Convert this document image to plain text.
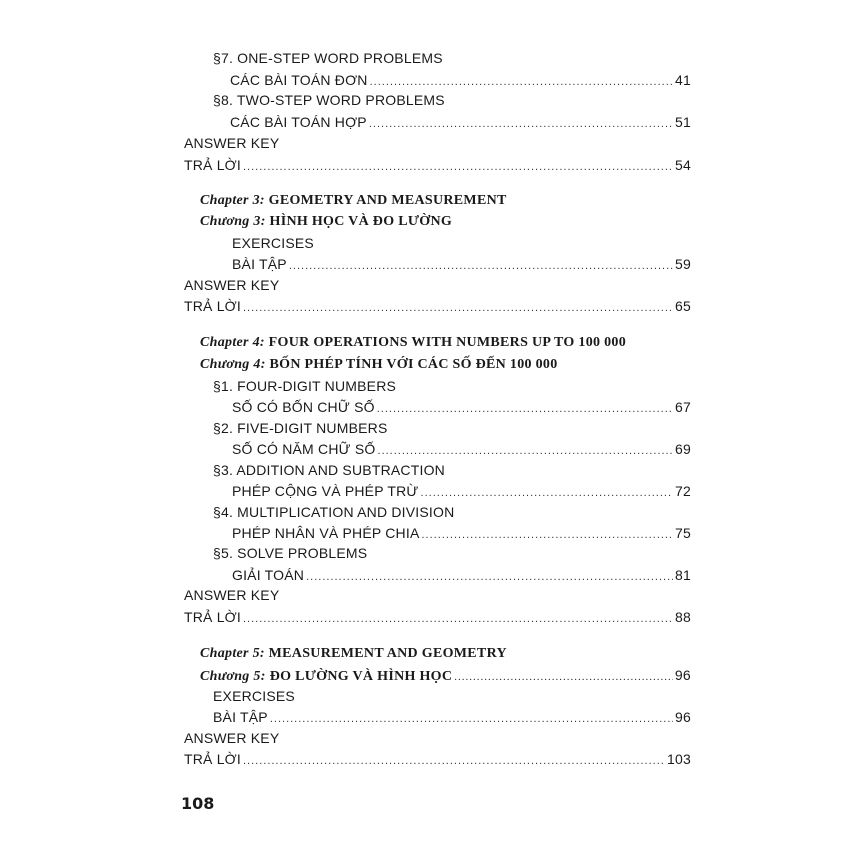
§7. ONE-STEP WORD PROBLEMS
CÁC BÀI TOÁN ĐƠN .....	41
§8. TWO-STEP WORD PROBLEMS
CÁC BÀI TOÁN HỢP .....	51
ANSWER KEY
TRẢ LỜI .....	54
Chapter 3: GEOMETRY AND MEASUREMENT
Chương 3: HÌNH HỌC VÀ ĐO LƯỜNG
EXERCISES
BÀI TẬP .....	59
ANSWER KEY
TRẢ LỜI .....	65
Chapter 4: FOUR OPERATIONS WITH NUMBERS UP TO 100 000
Chương 4: BỐN PHÉP TÍNH VỚI CÁC SỐ ĐẾN 100 000
§1. FOUR-DIGIT NUMBERS
SỐ CÓ BỐN CHỮ SỐ .....	67
§2. FIVE-DIGIT NUMBERS
SỐ CÓ NĂM CHỮ SỐ .....	69
§3. ADDITION AND SUBTRACTION
PHÉP CỘNG VÀ PHÉP TRỪ .....	72
§4. MULTIPLICATION AND DIVISION
PHÉP NHÂN VÀ PHÉP CHIA .....	75
§5. SOLVE PROBLEMS
GIẢI TOÁN .....	81
ANSWER KEY
TRẢ LỜI .....	88
Chapter 5: MEASUREMENT AND GEOMETRY
Chương 5: ĐO LƯỜNG VÀ HÌNH HỌC .....	96
EXERCISES
BÀI TẬP .....	96
ANSWER KEY
TRẢ LỜI .....	103
108
